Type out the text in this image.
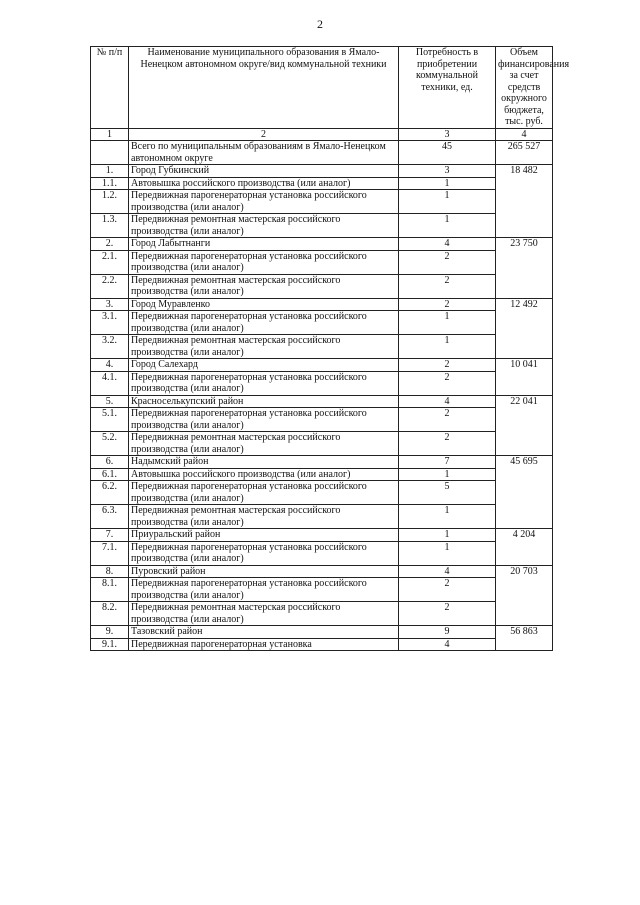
2
№ п/п	Наименование муниципального образования в Ямало-Ненецком автономном округе/вид коммунальной техники	Потребность в приобретении коммунальной техники, ед.	Объем финансирования за счет средств окружного бюджета, тыс. руб.
1	2	3	4
	Всего по муниципальным образованиям в Ямало-Ненецком автономном округе	45	265 527
1.	Город Губкинский	3	18 482
1.1.	Автовышка российского производства (или аналог)	1	
1.2.	Передвижная парогенераторная установка российского производства (или аналог)	1	
1.3.	Передвижная ремонтная мастерская российского производства (или аналог)	1	
2.	Город Лабытнанги	4	23 750
2.1.	Передвижная парогенераторная установка российского производства (или аналог)	2	
2.2.	Передвижная ремонтная мастерская российского производства (или аналог)	2	
3.	Город Муравленко	2	12 492
3.1.	Передвижная парогенераторная установка российского производства (или аналог)	1	
3.2.	Передвижная ремонтная мастерская российского производства (или аналог)	1	
4.	Город Салехард	2	10 041
4.1.	Передвижная парогенераторная установка российского производства (или аналог)	2	
5.	Красноселькупский район	4	22 041
5.1.	Передвижная парогенераторная установка российского производства (или аналог)	2	
5.2.	Передвижная ремонтная мастерская российского производства (или аналог)	2	
6.	Надымский район	7	45 695
6.1.	Автовышка российского производства (или аналог)	1	
6.2.	Передвижная парогенераторная установка российского производства (или аналог)	5	
6.3.	Передвижная ремонтная мастерская российского производства (или аналог)	1	
7.	Приуральский район	1	4 204
7.1.	Передвижная парогенераторная установка российского производства (или аналог)	1	
8.	Пуровский район	4	20 703
8.1.	Передвижная парогенераторная установка российского производства (или аналог)	2	
8.2.	Передвижная ремонтная мастерская российского производства (или аналог)	2	
9.	Тазовский район	9	56 863
9.1.	Передвижная парогенераторная установка	4	
